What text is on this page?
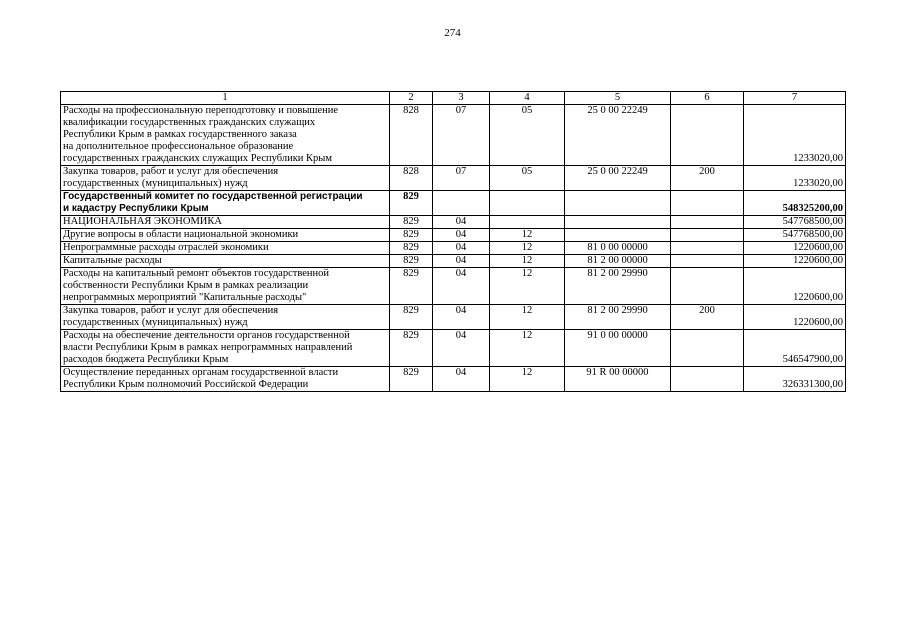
274
1	2	3	4	5	6	7

Расходы на профессиональную переподготовку и повышение
квалификации государственных гражданских служащих
Республики Крым в рамках государственного заказа
на дополнительное профессиональное образование
государственных гражданских служащих Республики Крым	828	07	05	25 0 00 22249		1233020,00

Закупка товаров, работ и услуг для обеспечения
государственных (муниципальных) нужд	828	07	05	25 0 00 22249	200	1233020,00

Государственный комитет по государственной регистрации
и кадастру Республики Крым	829					548325200,00

НАЦИОНАЛЬНАЯ ЭКОНОМИКА	829	04				547768500,00

Другие вопросы в области национальной экономики	829	04	12			547768500,00

Непрограммные расходы отраслей экономики	829	04	12	81 0 00 00000		1220600,00

Капитальные расходы	829	04	12	81 2 00 00000		1220600,00

Расходы на капитальный ремонт объектов государственной
собственности Республики Крым в рамках реализации
непрограммных мероприятий "Капитальные расходы"	829	04	12	81 2 00 29990		1220600,00

Закупка товаров, работ и услуг для обеспечения
государственных (муниципальных) нужд	829	04	12	81 2 00 29990	200	1220600,00

Расходы на обеспечение деятельности органов государственной
власти Республики Крым в рамках непрограммных направлений
расходов бюджета Республики Крым	829	04	12	91 0 00 00000		546547900,00

Осуществление переданных органам государственной власти
Республики Крым полномочий Российской Федерации	829	04	12	91 R 00 00000		326331300,00
